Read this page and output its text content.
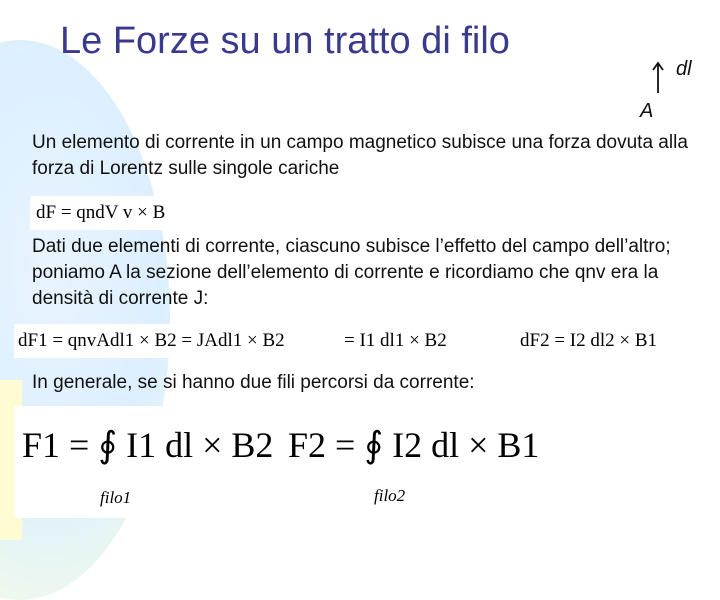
Le Forze su un tratto di filo
dl
A

Un elemento di corrente in un campo magnetico subisce una forza dovuta alla forza di Lorentz sulle singole cariche

dF = qndV v × B

Dati due elementi di corrente, ciascuno subisce l’effetto del campo dell’altro; poniamo A la sezione dell’elemento di corrente e ricordiamo che qnv era la densità di corrente J:

dF1 = qnvAdl1 × B2 = JAdl1 × B2	= I1 dl1 × B2	dF2 = I2 dl2 × B1

In generale, se si hanno due fili percorsi da corrente:

F1 = ∮ I1 dl × B2
filo1
F2 = ∮ I2 dl × B1
filo2
